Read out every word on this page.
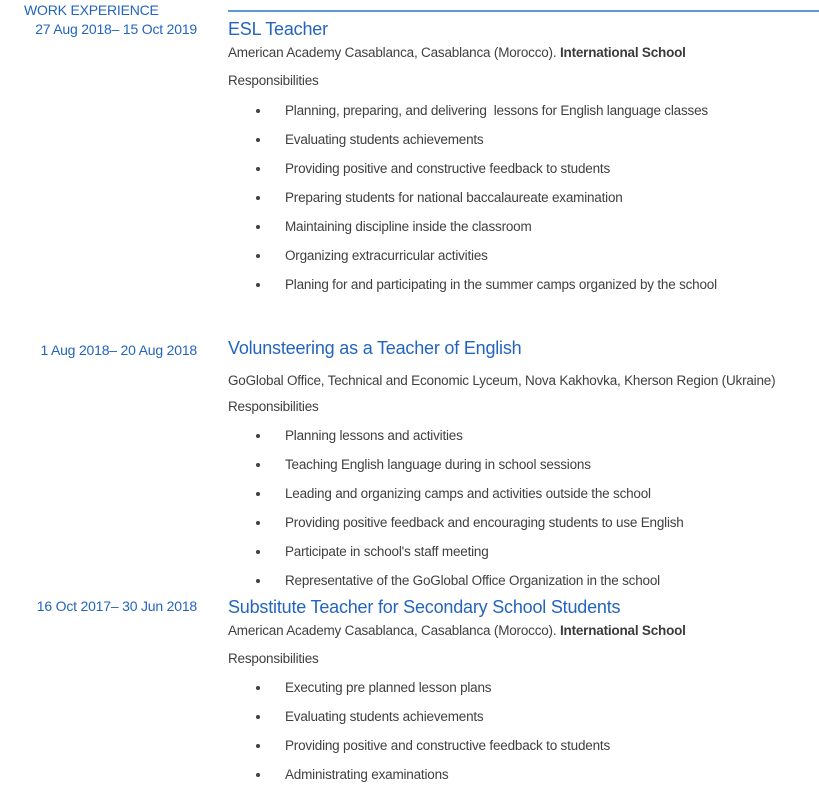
WORK EXPERIENCE
27 Aug 2018– 15 Oct 2019 ESL Teacher

American Academy Casablanca, Casablanca (Morocco). International School

Responsibilities

Planning, preparing, and delivering  lessons for English language classes
Evaluating students achievements
Providing positive and constructive feedback to students
Preparing students for national baccalaureate examination
Maintaining discipline inside the classroom
Organizing extracurricular activities
Planing for and participating in the summer camps organized by the school
1 Aug 2018– 20 Aug 2018 Volunsteering as a Teacher of English

GoGlobal Office, Technical and Economic Lyceum, Nova Kakhovka, Kherson Region (Ukraine)

Responsibilities

Planning lessons and activities
Teaching English language during in school sessions
Leading and organizing camps and activities outside the school
Providing positive feedback and encouraging students to use English
Participate in school's staff meeting
Representative of the GoGlobal Office Organization in the school
16 Oct 2017– 30 Jun 2018 Substitute Teacher for Secondary School Students

American Academy Casablanca, Casablanca (Morocco). International School

Responsibilities

Executing pre planned lesson plans
Evaluating students achievements
Providing positive and constructive feedback to students
Administrating examinations
